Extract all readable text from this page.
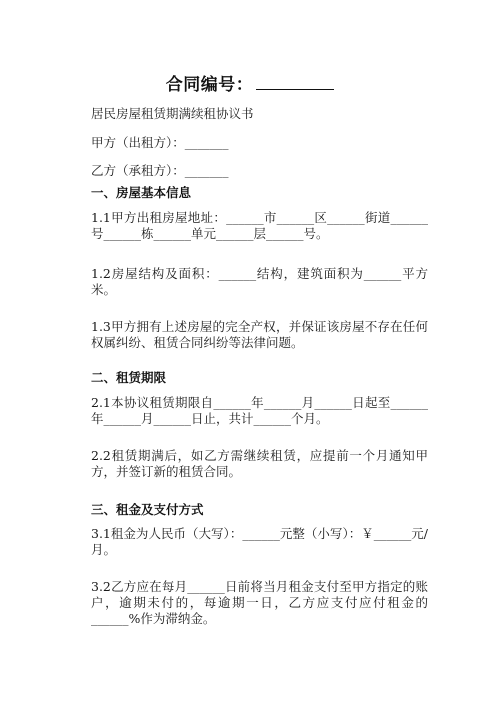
合同编号：

居民房屋租赁期满续租协议书

甲方（出租方）：_______

乙方（承租方）：_______

一、房屋基本信息

1.1甲方出租房屋地址：______市______区______街道______号______栋______单元______层______号。

1.2房屋结构及面积：______结构，建筑面积为______平方米。

1.3甲方拥有上述房屋的完全产权，并保证该房屋不存在任何权属纠纷、租赁合同纠纷等法律问题。

二、租赁期限

2.1本协议租赁期限自______年______月______日起至______年______月______日止，共计______个月。

2.2租赁期满后，如乙方需继续租赁，应提前一个月通知甲方，并签订新的租赁合同。

三、租金及支付方式

3.1租金为人民币（大写）：______元整（小写）：￥______元/月。

3.2乙方应在每月______日前将当月租金支付至甲方指定的账户，逾期未付的，每逾期一日，乙方应支付应付租金的______%作为滞纳金。
